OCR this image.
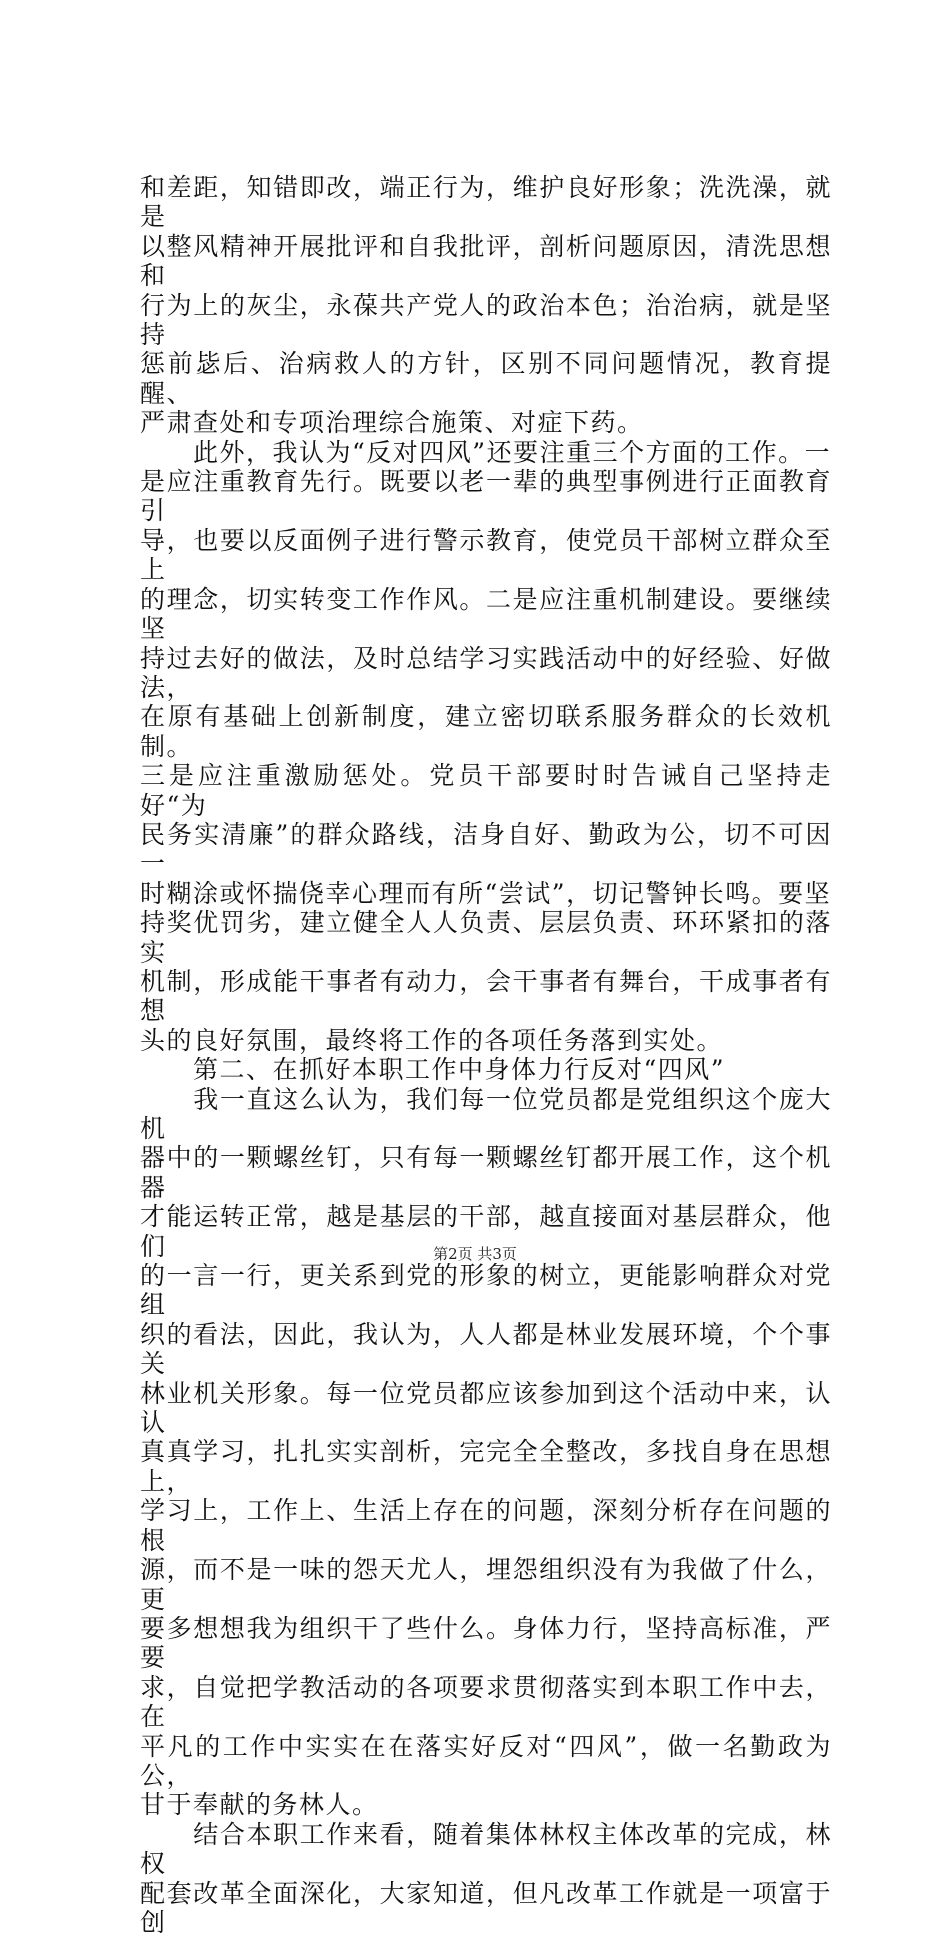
和差距，知错即改，端正行为，维护良好形象；洗洗澡，就是
以整风精神开展批评和自我批评，剖析问题原因，清洗思想和
行为上的灰尘，永葆共产党人的政治本色；治治病，就是坚持
惩前毖后、治病救人的方针，区别不同问题情况，教育提醒、
严肃查处和专项治理综合施策、对症下药。

　　此外，我认为“反对四风”还要注重三个方面的工作。一
是应注重教育先行。既要以老一辈的典型事例进行正面教育引
导，也要以反面例子进行警示教育，使党员干部树立群众至上
的理念，切实转变工作作风。二是应注重机制建设。要继续坚
持过去好的做法，及时总结学习实践活动中的好经验、好做法，
在原有基础上创新制度，建立密切联系服务群众的长效机制。
三是应注重激励惩处。党员干部要时时告诫自己坚持走好“为
民务实清廉”的群众路线，洁身自好、勤政为公，切不可因一
时糊涂或怀揣侥幸心理而有所“尝试”，切记警钟长鸣。要坚
持奖优罚劣，建立健全人人负责、层层负责、环环紧扣的落实
机制，形成能干事者有动力，会干事者有舞台，干成事者有想
头的良好氛围，最终将工作的各项任务落到实处。

　　第二、在抓好本职工作中身体力行反对“四风”

　　我一直这么认为，我们每一位党员都是党组织这个庞大机
器中的一颗螺丝钉，只有每一颗螺丝钉都开展工作，这个机器
才能运转正常，越是基层的干部，越直接面对基层群众，他们
的一言一行，更关系到党的形象的树立，更能影响群众对党组
织的看法，因此，我认为，人人都是林业发展环境，个个事关
林业机关形象。每一位党员都应该参加到这个活动中来，认认
真真学习，扎扎实实剖析，完完全全整改，多找自身在思想上，
学习上，工作上、生活上存在的问题，深刻分析存在问题的根
源，而不是一味的怨天尤人，埋怨组织没有为我做了什么，更
要多想想我为组织干了些什么。身体力行，坚持高标准，严要
求，自觉把学教活动的各项要求贯彻落实到本职工作中去，在
平凡的工作中实实在在落实好反对“四风”，做一名勤政为公，
甘于奉献的务林人。

　　结合本职工作来看，随着集体林权主体改革的完成，林权
配套改革全面深化，大家知道，但凡改革工作就是一项富于创

第2页 共3页
